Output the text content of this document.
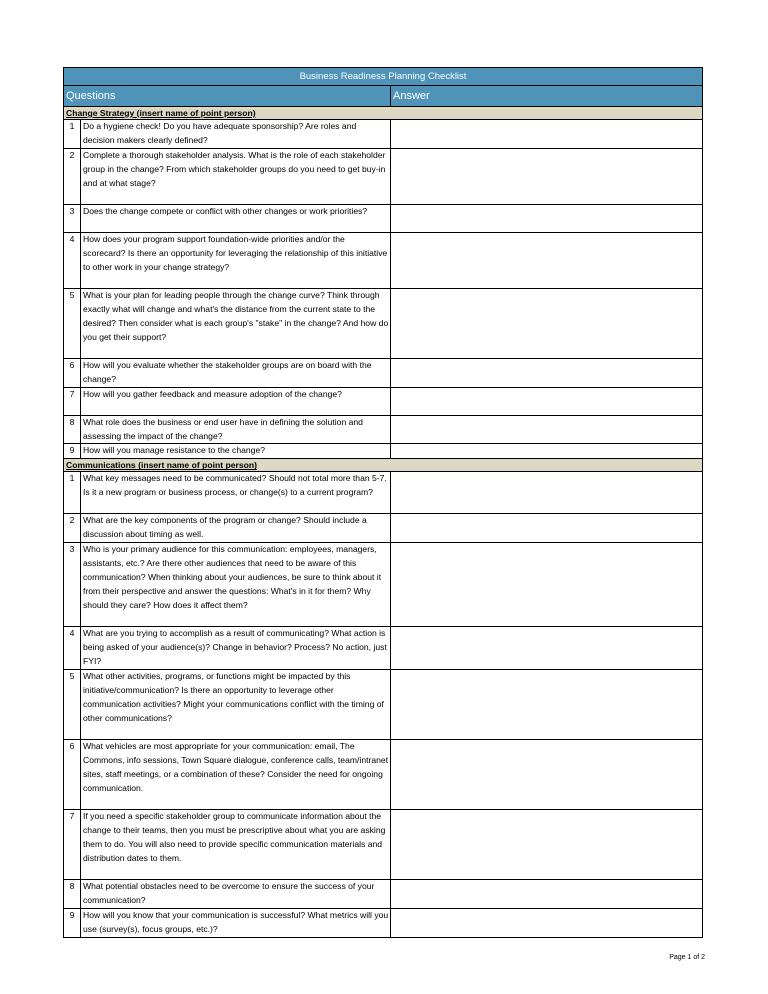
Business Readiness Planning Checklist		
Questions		Answer
Change Strategy (insert name of point person)		
1	Do a hygiene check! Do you have adequate sponsorship? Are roles and decision makers clearly defined?	
2	Complete a thorough stakeholder analysis. What is the role of each stakeholder group in the change? From which stakeholder groups do you need to get buy-in and at what stage?	
3	Does the change compete or conflict with other changes or work priorities?	
4	How does your program support foundation-wide priorities and/or the scorecard? Is there an opportunity for leveraging the relationship of this initiative to other work in your change strategy?	
5	What is your plan for leading people through the change curve? Think through exactly what will change and what's the distance from the current state to the desired? Then consider what is each group's "stake" in the change? And how do you get their support?	
6	How will you evaluate whether the stakeholder groups are on board with the change?	
7	How will you gather feedback and measure adoption of the change?	
8	What role does the business or end user have in defining the solution and assessing the impact of the change?	
9	How will you manage resistance to the change?	
Communications (insert name of point person)		
1	What key messages need to be communicated? Should not total more than 5-7. Is it a new program or business process, or change(s) to a current program?	
2	What are the key components of the program or change? Should include a discussion about timing as well.	
3	Who is your primary audience for this communication: employees, managers, assistants, etc.? Are there other audiences that need to be aware of this communication? When thinking about your audiences, be sure to think about it from their perspective and answer the questions: What's in it for them? Why should they care? How does it affect them?	
4	What are you trying to accomplish as a result of communicating? What action is being asked of your audience(s)? Change in behavior? Process? No action, just FYI?	
5	What other activities, programs, or functions might be impacted by this initiative/communication? Is there an opportunity to leverage other communication activities? Might your communications conflict with the timing of other communications?	
6	What vehicles are most appropriate for your communication: email, The Commons, info sessions, Town Square dialogue, conference calls, team/intranet sites, staff meetings, or a combination of these? Consider the need for ongoing communication.	
7	If you need a specific stakeholder group to communicate information about the change to their teams, then you must be prescriptive about what you are asking them to do. You will also need to provide specific communication materials and distribution dates to them.	
8	What potential obstacles need to be overcome to ensure the success of your communication?	
9	How will you know that your communication is successful? What metrics will you use (survey(s), focus groups, etc.)?	
Page 1 of 2
